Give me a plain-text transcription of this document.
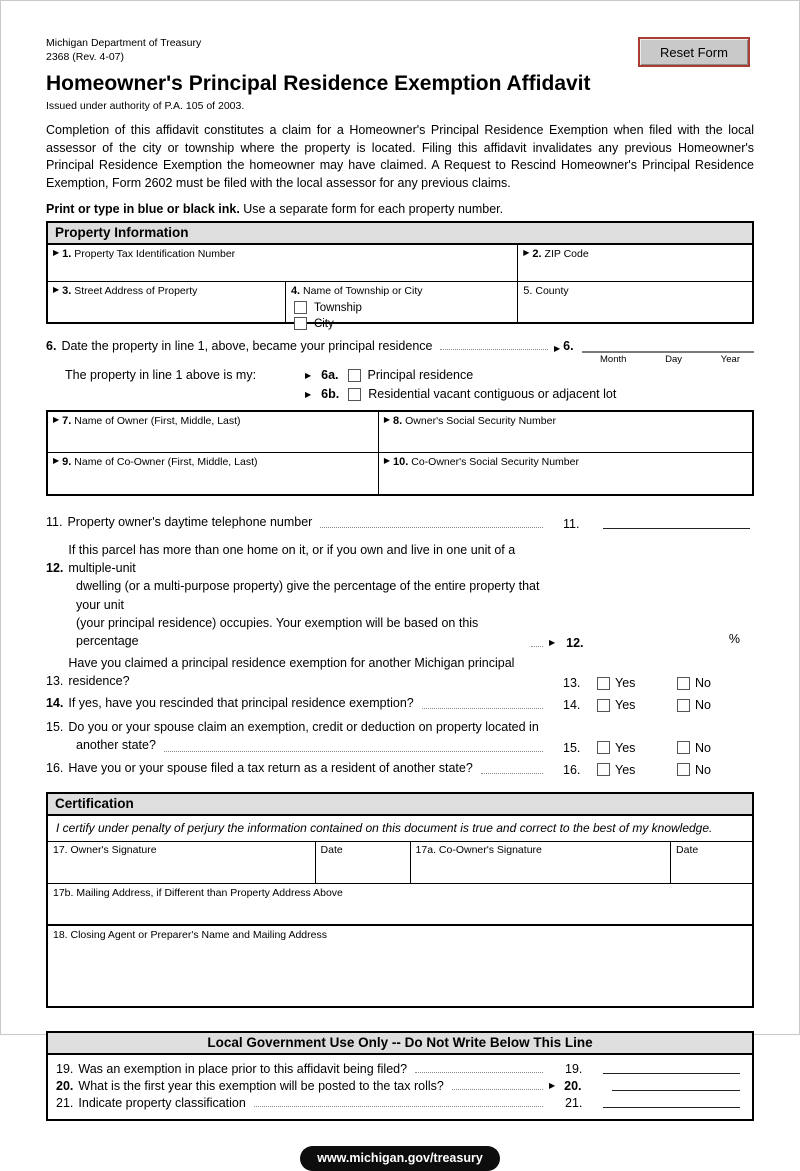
Michigan Department of Treasury
2368 (Rev. 4-07)	Reset Form
Homeowner's Principal Residence Exemption Affidavit
Issued under authority of P.A. 105 of 2003.
Completion of this affidavit constitutes a claim for a Homeowner's Principal Residence Exemption when filed with the local assessor of the city or township where the property is located. Filing this affidavit invalidates any previous Homeowner's Principal Residence Exemption the homeowner may have claimed. A Request to Rescind Homeowner's Principal Residence Exemption, Form 2602 must be filed with the local assessor for any previous claims.
Print or type in blue or black ink. Use a separate form for each property number.
Property Information
▶ 1. Property Tax Identification Number	▶ 2. ZIP Code
▶ 3. Street Address of Property	4. Name of Township or City
Township
City
5. County
6. Date the property in line 1, above, became your principal residence	▶ 6.
Month	Day	Year
The property in line 1 above is my:	▶ 6a. Principal residence
▶ 6b. Residential vacant contiguous or adjacent lot
▶ 7. Name of Owner (First, Middle, Last)	▶ 8. Owner's Social Security Number
▶ 9. Name of Co-Owner (First, Middle, Last)	▶ 10. Co-Owner's Social Security Number
11. Property owner's daytime telephone number	11.
12.
If this parcel has more than one home on it, or if you own and live in one unit of a multiple-unit
dwelling (or a multi-purpose property) give the percentage of the entire property that your unit
(your principal residence) occupies. Your exemption will be based on this percentage	▶ 12.	%
13.
Have you claimed a principal residence exemption for another Michigan principal residence?	13.	Yes	No
14. If yes, have you rescinded that principal residence exemption?	14.	Yes	No
15. Do you or your spouse claim an exemption, credit or deduction on property located in
another state?	15.	Yes	No
16. Have you or your spouse filed a tax return as a resident of another state?	16.	Yes	No
Certification
I certify under penalty of perjury the information contained on this document is true and correct to the best of my knowledge.
17. Owner's Signature	Date	17a. Co-Owner's Signature	Date
17b. Mailing Address, if Different than Property Address Above
18. Closing Agent or Preparer's Name and Mailing Address
Local Government Use Only -- Do Not Write Below This Line
19. Was an exemption in place prior to this affidavit being filed?	19.
20. What is the first year this exemption will be posted to the tax rolls?	▶ 20.
21. Indicate property classification	21.
www.michigan.gov/treasury
